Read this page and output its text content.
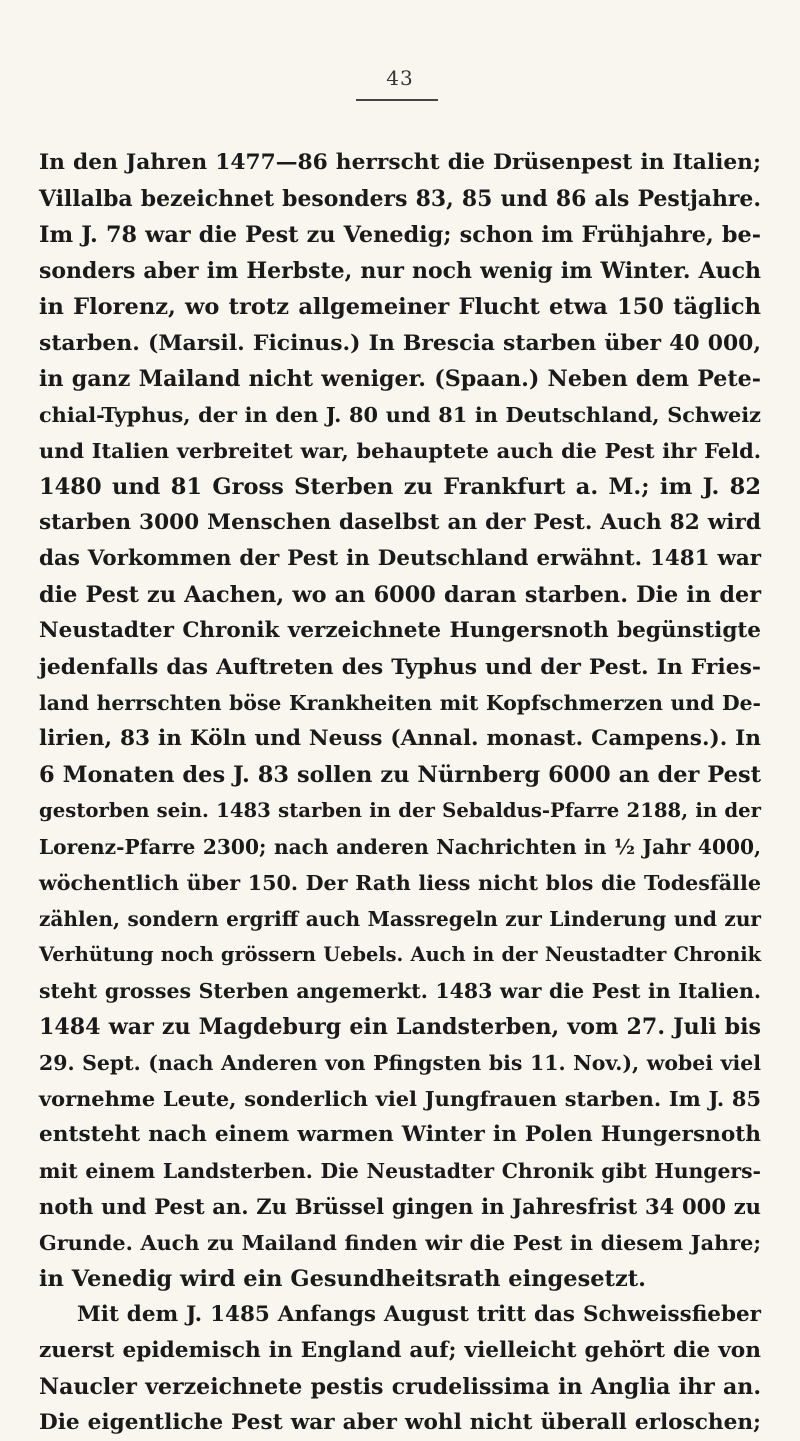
43
In den Jahren 1477—86 herrscht die Drüsenpest in Italien;
Villalba bezeichnet besonders 83, 85 und 86 als Pestjahre.
Im J. 78 war die Pest zu Venedig; schon im Frühjahre, be-
sonders aber im Herbste, nur noch wenig im Winter. Auch
in Florenz, wo trotz allgemeiner Flucht etwa 150 täglich
starben. (Marsil. Ficinus.) In Brescia starben über 40 000,
in ganz Mailand nicht weniger. (Spaan.) Neben dem Pete-
chial-Typhus, der in den J. 80 und 81 in Deutschland, Schweiz
und Italien verbreitet war, behauptete auch die Pest ihr Feld.
1480 und 81 Gross Sterben zu Frankfurt a. M.; im J. 82
starben 3000 Menschen daselbst an der Pest. Auch 82 wird
das Vorkommen der Pest in Deutschland erwähnt. 1481 war
die Pest zu Aachen, wo an 6000 daran starben. Die in der
Neustadter Chronik verzeichnete Hungersnoth begünstigte
jedenfalls das Auftreten des Typhus und der Pest. In Fries-
land herrschten böse Krankheiten mit Kopfschmerzen und De-
lirien, 83 in Köln und Neuss (Annal. monast. Campens.). In
6 Monaten des J. 83 sollen zu Nürnberg 6000 an der Pest
gestorben sein. 1483 starben in der Sebaldus-Pfarre 2188, in der
Lorenz-Pfarre 2300; nach anderen Nachrichten in ½ Jahr 4000,
wöchentlich über 150. Der Rath liess nicht blos die Todesfälle
zählen, sondern ergriff auch Massregeln zur Linderung und zur
Verhütung noch grössern Uebels. Auch in der Neustadter Chronik
steht grosses Sterben angemerkt. 1483 war die Pest in Italien.
1484 war zu Magdeburg ein Landsterben, vom 27. Juli bis
29. Sept. (nach Anderen von Pfingsten bis 11. Nov.), wobei viel
vornehme Leute, sonderlich viel Jungfrauen starben. Im J. 85
entsteht nach einem warmen Winter in Polen Hungersnoth
mit einem Landsterben. Die Neustadter Chronik gibt Hungers-
noth und Pest an. Zu Brüssel gingen in Jahresfrist 34 000 zu
Grunde. Auch zu Mailand finden wir die Pest in diesem Jahre;
in Venedig wird ein Gesundheitsrath eingesetzt.
Mit dem J. 1485 Anfangs August tritt das Schweissfieber
zuerst epidemisch in England auf; vielleicht gehört die von
Naucler verzeichnete pestis crudelissima in Anglia ihr an.
Die eigentliche Pest war aber wohl nicht überall erloschen;
